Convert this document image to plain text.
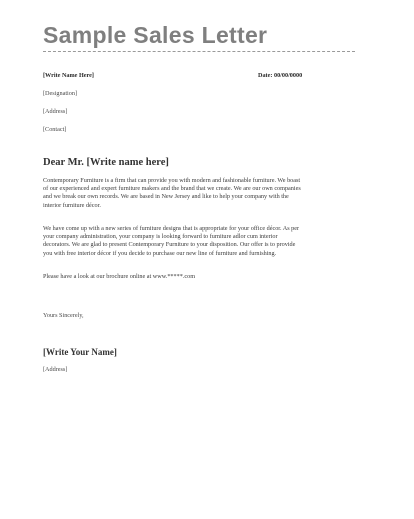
Sample Sales Letter
[Write Name Here]	Date: 00/00/0000
[Designation]
[Address]
[Contact]
Dear Mr. [Write name here]
Contemporary Furniture is a firm that can provide you with modern and fashionable furniture. We boast
of our experienced and expert furniture makers and the brand that we create. We are our own companies
and we break our own records. We are based in New Jersey and like to help your company with the
interior furniture décor.
We have come up with a new series of furniture designs that is appropriate for your office décor. As per
your company administration, your company is looking forward to furniture adlor cum interior
decorators. We are glad to present Contemporary Furniture to your disposition. Our offer is to provide
you with free interior décor if you decide to purchase our new line of furniture and furnishing.
Please have a look at our brochure online at www.*****.com
Yours Sincerely,
[Write Your Name]
[Address]
